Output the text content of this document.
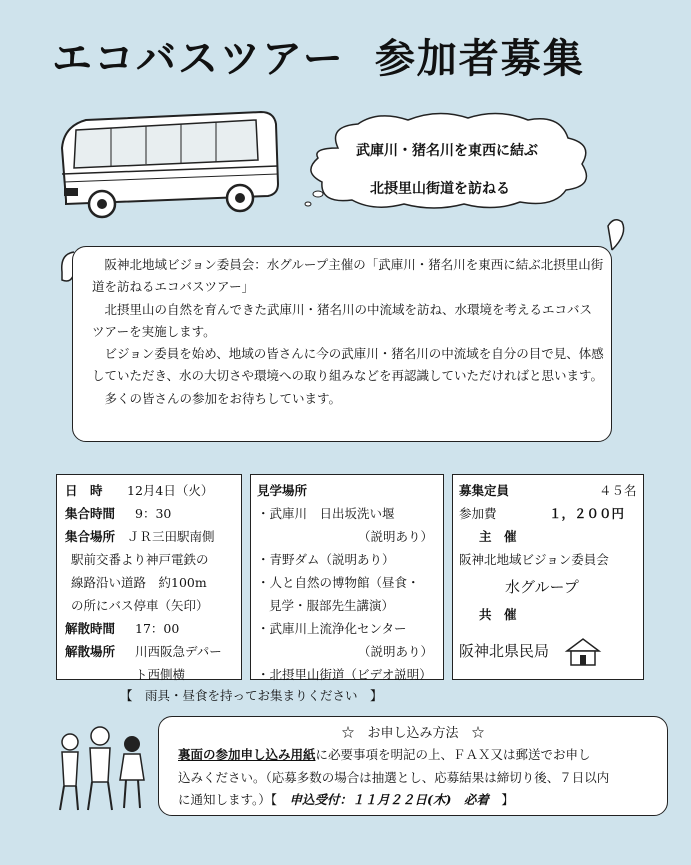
エコバスツアー 参加者募集
武庫川・猪名川を東西に結ぶ
北摂里山街道を訪ねる

阪神北地域ビジョン委員会：水グループ主催の「武庫川・猪名川を東西に結ぶ北摂里山街道を訪ねるエコバスツアー」

北摂里山の自然を育んできた武庫川・猪名川の中流域を訪ね、水環境を考えるエコバスツアーを実施します。

ビジョン委員を始め、地域の皆さんに今の武庫川・猪名川の中流域を自分の目で見、体感していただき、水の大切さや環境への取り組みなどを再認識していただければと思います。

多くの皆さんの参加をお待ちしています。

日　時 12月4日（火）
集合時間 9：30
集合場所 ＪＲ三田駅南側
駅前交番より神戸電鉄の
線路沿い道路　約100m
の所にバス停車（矢印）
解散時間 17：00
解散場所 川西阪急デパー
ト西側横
見学場所
・武庫川　日出坂洗い堰
（説明あり）
・青野ダム（説明あり）
・人と自然の博物館（昼食・
見学・服部先生講演）
・武庫川上流浄化センター
（説明あり）
・北摂里山街道（ビデオ説明）
募集定員	４５名
参加費	１，２００円
主　催
阪神北地域ビジョン委員会
水グループ
共　催
阪神北県民局
【　雨具・昼食を持ってお集まりください　】
☆　お申し込み方法　☆
裏面の参加申し込み用紙に必要事項を明記の上、ＦＡＸ又は郵送でお申し
込みください。（応募多数の場合は抽選とし、応募結果は締切り後、７日以内
に通知します。）【　 申込受付：１１月２２日(木)　必着　 】
